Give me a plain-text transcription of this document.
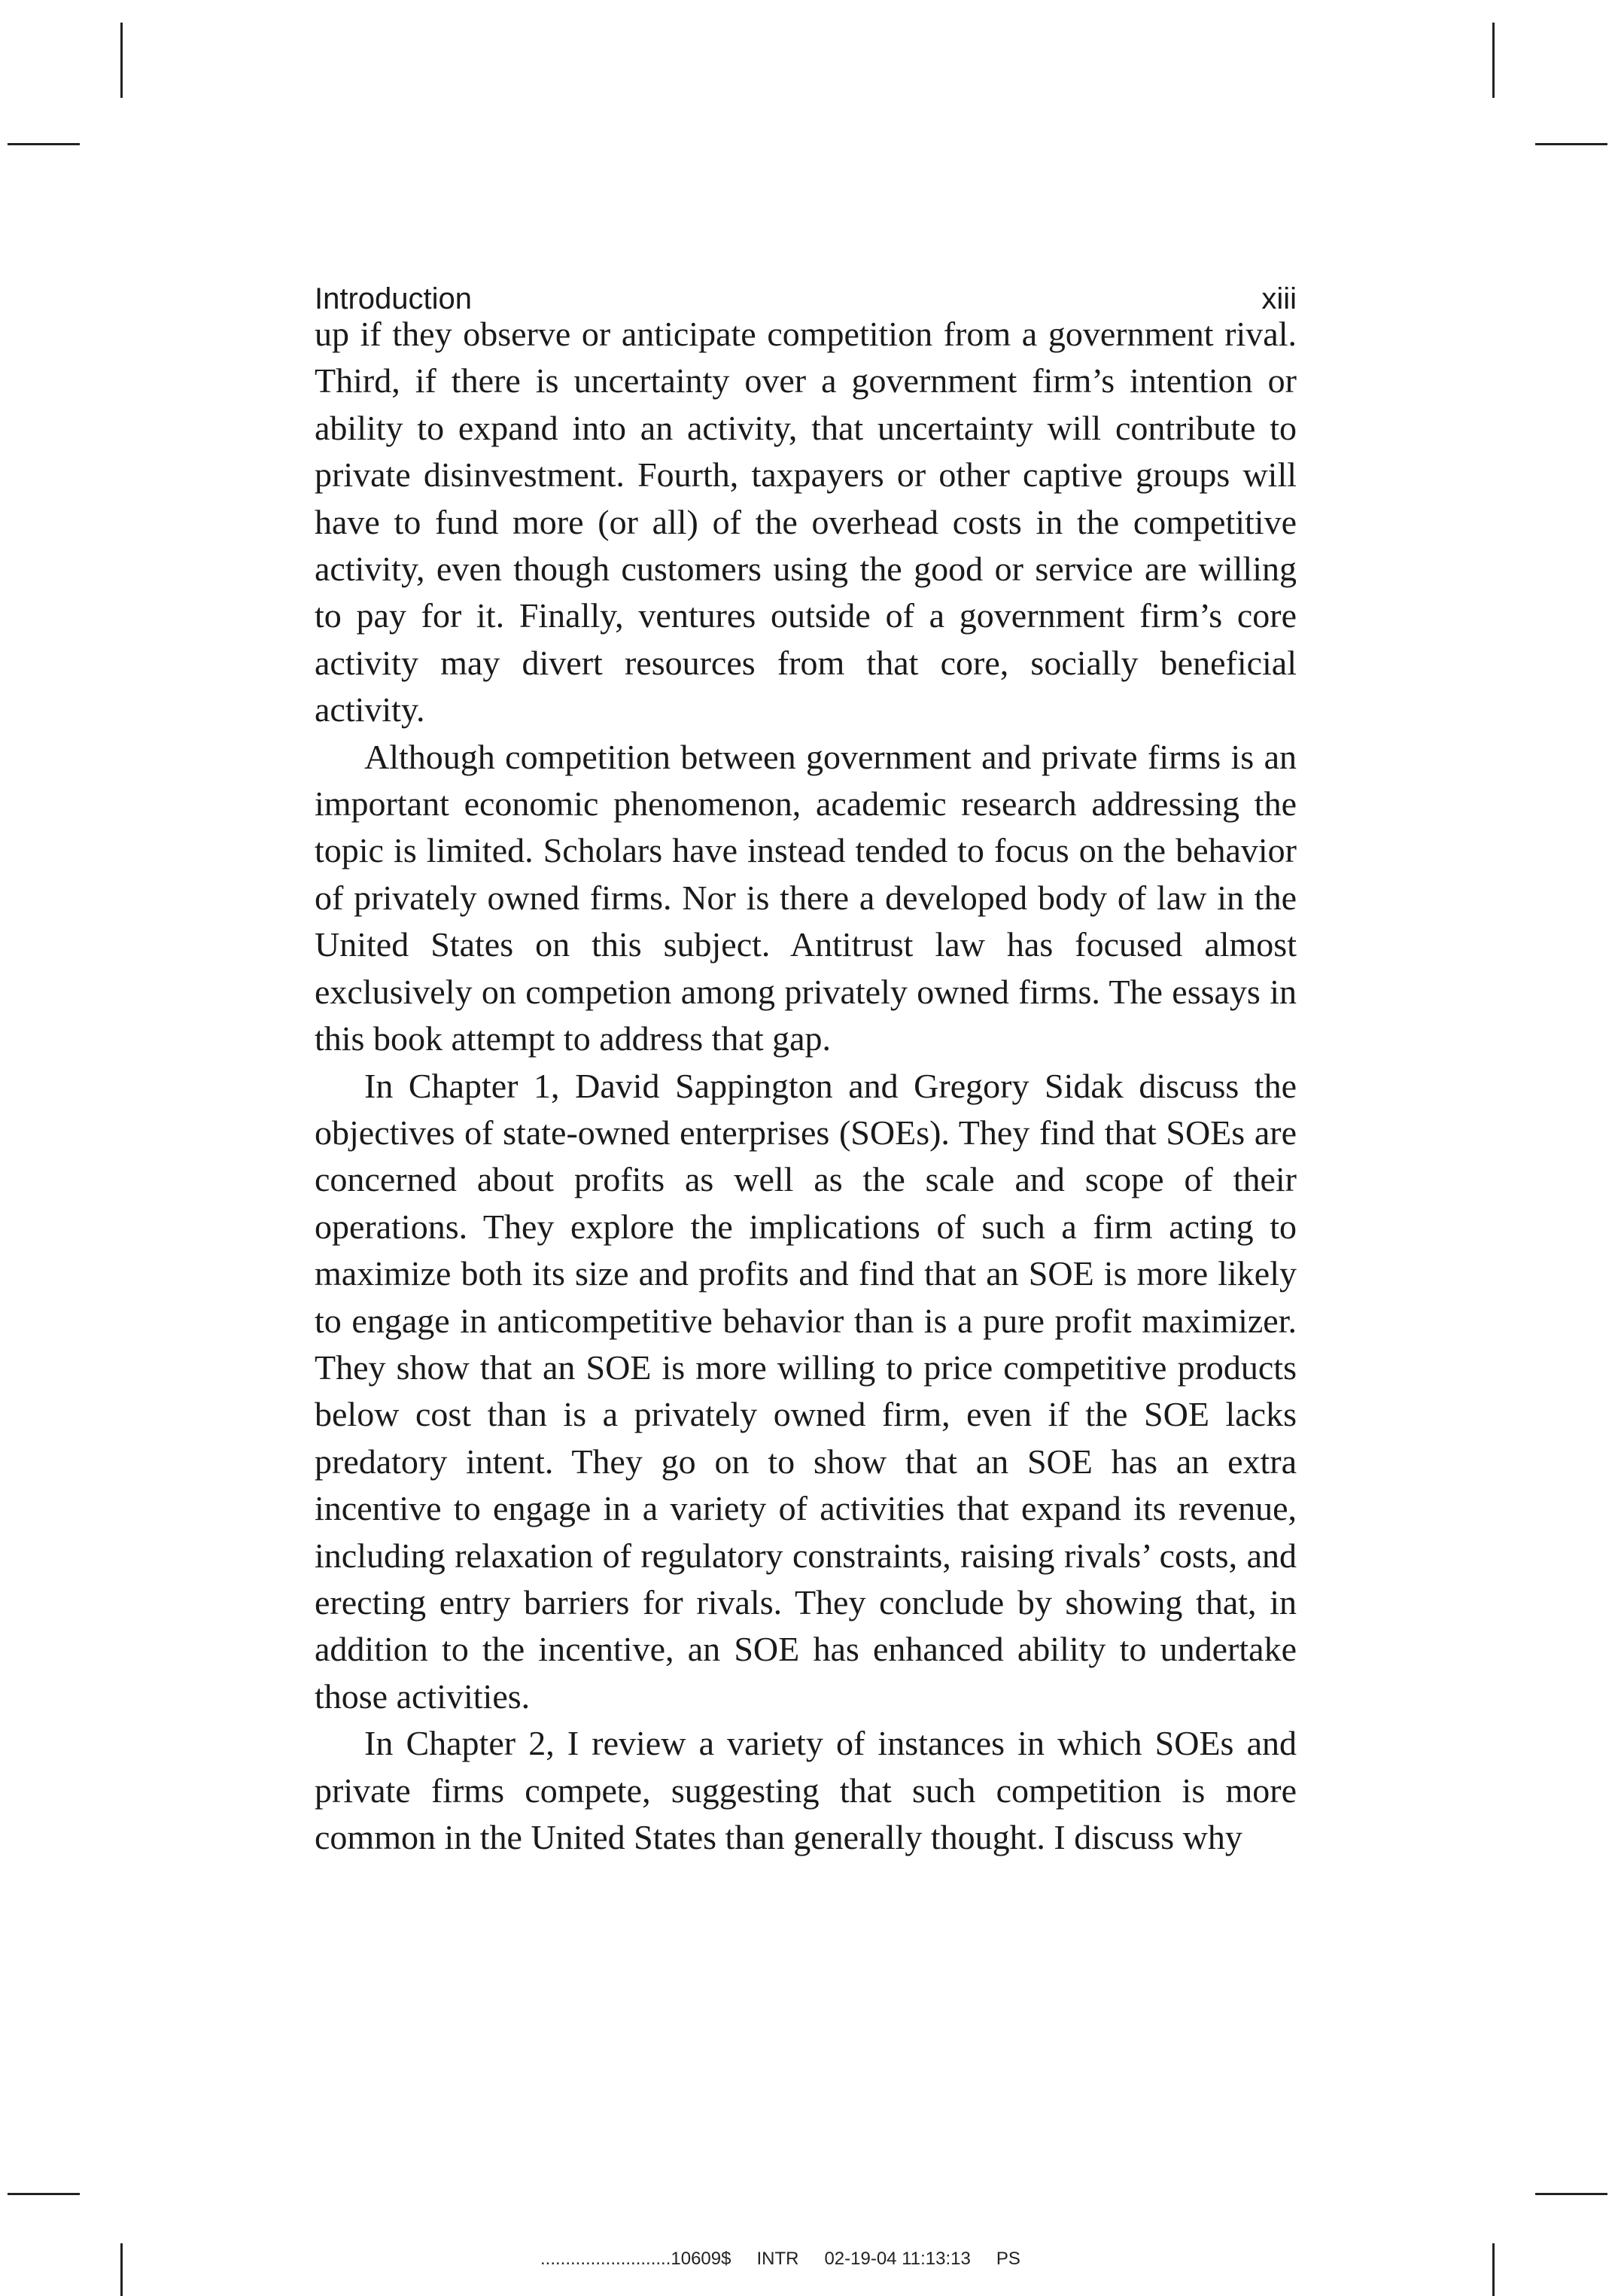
Introduction	xiii

up if they observe or anticipate competition from a government rival. Third, if there is uncertainty over a government firm’s intention or ability to expand into an activity, that uncertainty will contribute to private disinvestment. Fourth, taxpayers or other captive groups will have to fund more (or all) of the overhead costs in the competitive activity, even though customers using the good or service are willing to pay for it. Finally, ventures outside of a government firm’s core activity may divert resources from that core, socially beneficial activity.

Although competition between government and private firms is an important economic phenomenon, academic research addressing the topic is limited. Scholars have instead tended to focus on the behavior of privately owned firms. Nor is there a developed body of law in the United States on this subject. Antitrust law has focused almost exclusively on competion among privately owned firms. The essays in this book attempt to address that gap.

In Chapter 1, David Sappington and Gregory Sidak discuss the objectives of state-owned enterprises (SOEs). They find that SOEs are concerned about profits as well as the scale and scope of their operations. They explore the implications of such a firm acting to maximize both its size and profits and find that an SOE is more likely to engage in anticompetitive behavior than is a pure profit maximizer. They show that an SOE is more willing to price competitive products below cost than is a privately owned firm, even if the SOE lacks predatory intent. They go on to show that an SOE has an extra incentive to engage in a variety of activities that expand its revenue, including relaxation of regulatory constraints, raising rivals’ costs, and erecting entry barriers for rivals. They conclude by showing that, in addition to the incentive, an SOE has enhanced ability to undertake those activities.

In Chapter 2, I review a variety of instances in which SOEs and private firms compete, suggesting that such competition is more common in the United States than generally thought. I discuss why

..........................10609$ INTR 02-19-04 11:13:13 PS
